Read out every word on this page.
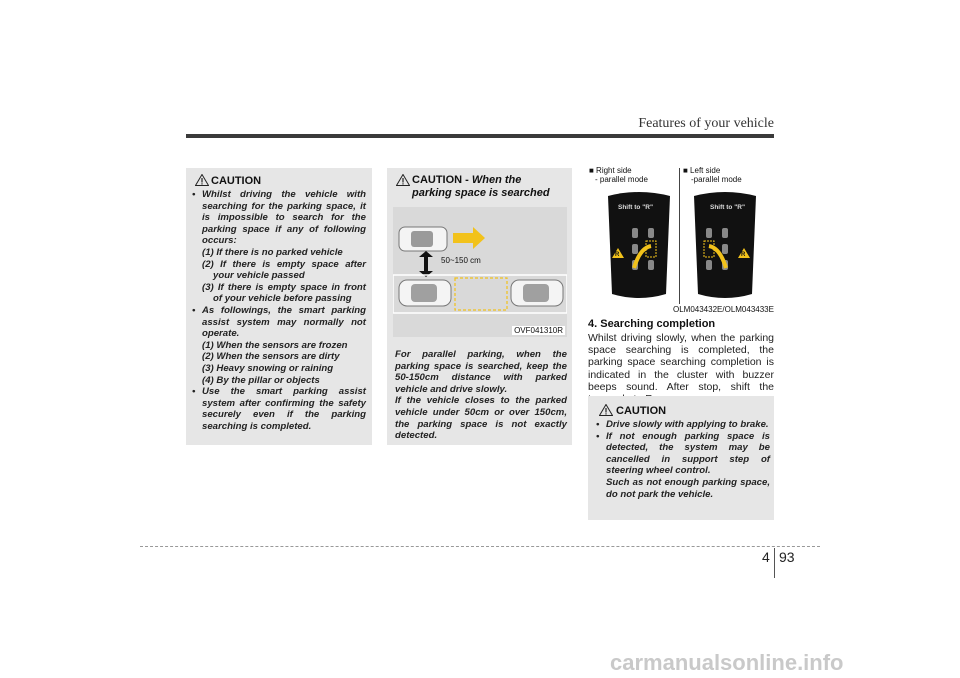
Features of your vehicle
CAUTION
• Whilst driving the vehicle with searching for the parking space, it is impossible to search for the parking space if any of following occurs:
(1) If there is no parked vehicle
(2) If there is empty space after your vehicle passed
(3) If there is empty space in front of your vehicle before passing
• As followings, the smart parking assist system may normally not operate.
(1) When the sensors are frozen
(2) When the sensors are dirty
(3) Heavy snowing or raining
(4) By the pillar or objects
• Use the smart parking assist system after confirming the safety securely even if the parking searching is completed.
CAUTION - When the parking space is searched
For parallel parking, when the parking space is searched, keep the 50-150cm distance with parked vehicle and drive slowly.
If the vehicle closes to the parked vehicle under 50cm or over 150cm, the parking space is not exactly detected.
50~150 cm
OVF041310R
■ Right side
- parallel mode
■ Left side
-parallel mode
Shift to "R"
R
Shift to "R"
R
OLM043432E/OLM043433E
4. Searching completion
Whilst driving slowly, when the parking space searching is completed, the parking space searching completion is indicated in the cluster with buzzer beeps sound. After stop, shift the
CAUTION
• Drive slowly with applying to brake.
• If not enough parking space is detected, the system may be cancelled in support step of steering wheel control.
Such as not enough parking space, do not park the vehicle.
4 93
carmanualsonline.info
